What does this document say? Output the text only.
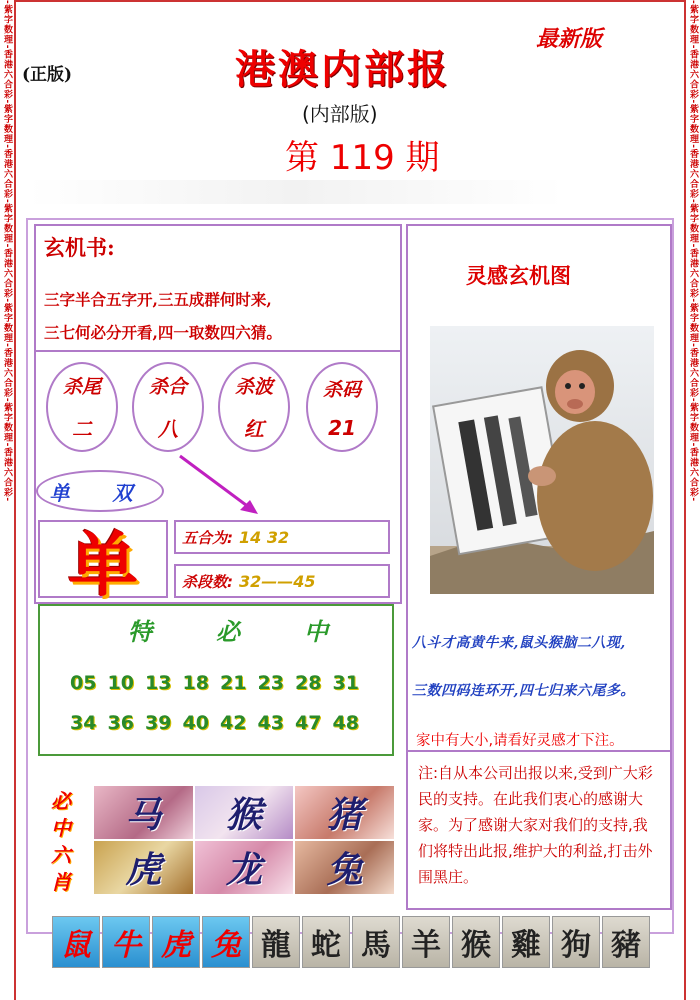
-紫字数理-香港六合彩-紫字数理-香港六合彩-紫字数理-香港六合彩-紫字数理-香港六合彩-紫字数理-香港六合彩-	-紫字数理-香港六合彩-紫字数理-香港六合彩-紫字数理-香港六合彩-紫字数理-香港六合彩-紫字数理-香港六合彩-
(正版)
最新版
港澳内部报
(内部版)
第 119 期
玄机书:
三字半合五字开,三五成群何时来,
三七何必分开看,四一取数四六猜。
杀尾
二
杀合
八
杀波
红
杀码
21
单 双
单	五合为: 14 32
杀段数: 32——45
特	必	中
05 10 13 18 21 23 28 31
34 36 39 40 42 43 47 48
必
中
六
肖
马 猴 猪
虎 龙 兔
灵感玄机图
八斗才高黄牛来,鼠头猴脑二八现,
三数四码连环开,四七归来六尾多。
家中有大小,请看好灵感才下注。
注:自从本公司出报以来,受到广大彩民的支持。在此我们衷心的感谢大家。为了感谢大家对我们的支持,我们将特出此报,维护大的利益,打击外围黑庄。
鼠 牛 虎 兔 龍 蛇 馬 羊 猴 雞 狗 豬
